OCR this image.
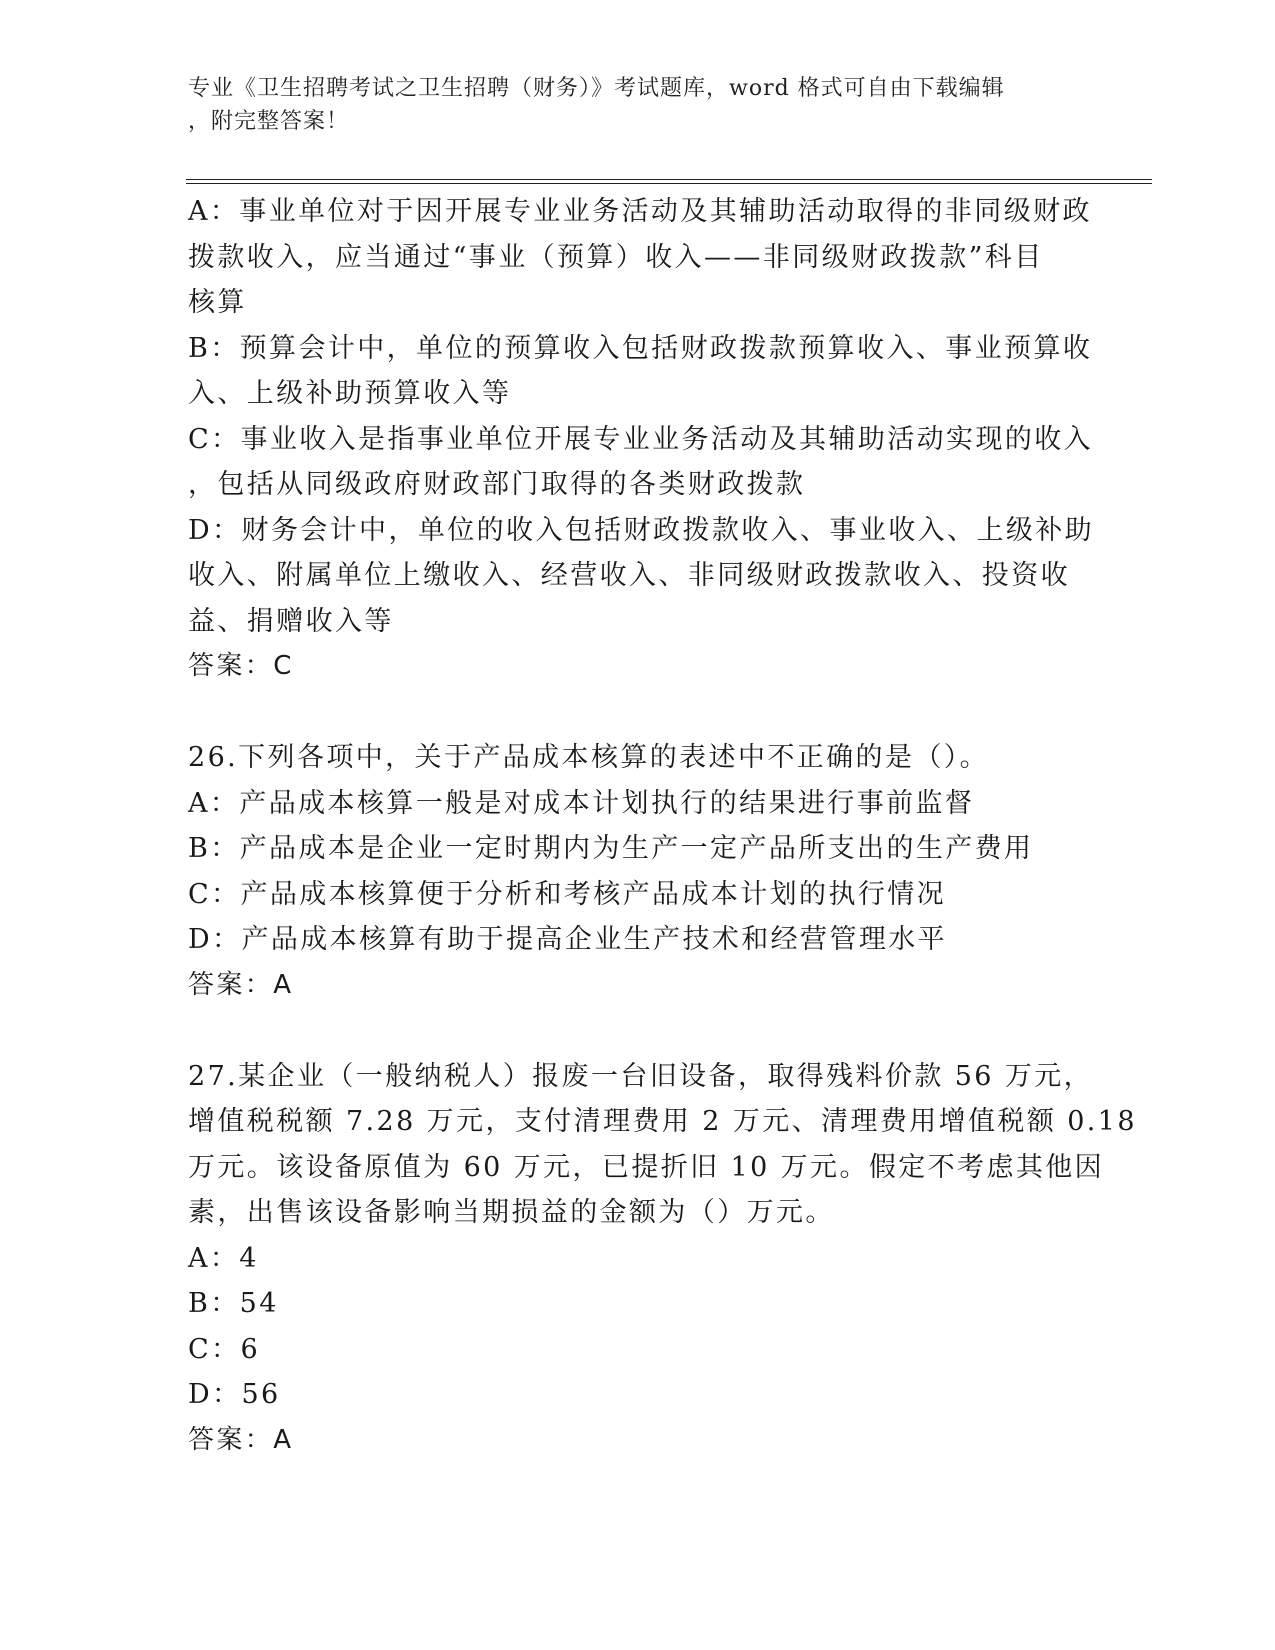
专业《卫生招聘考试之卫生招聘（财务）》考试题库，word 格式可自由下载编辑
，附完整答案！
A：事业单位对于因开展专业业务活动及其辅助活动取得的非同级财政
拨款收入，应当通过“事业（预算）收入——非同级财政拨款”科目
核算
B：预算会计中，单位的预算收入包括财政拨款预算收入、事业预算收
入、上级补助预算收入等
C：事业收入是指事业单位开展专业业务活动及其辅助活动实现的收入
，包括从同级政府财政部门取得的各类财政拨款
D：财务会计中，单位的收入包括财政拨款收入、事业收入、上级补助
收入、附属单位上缴收入、经营收入、非同级财政拨款收入、投资收
益、捐赠收入等
答案：C
26.下列各项中，关于产品成本核算的表述中不正确的是（）。
A：产品成本核算一般是对成本计划执行的结果进行事前监督
B：产品成本是企业一定时期内为生产一定产品所支出的生产费用
C：产品成本核算便于分析和考核产品成本计划的执行情况
D：产品成本核算有助于提高企业生产技术和经营管理水平
答案：A
27.某企业（一般纳税人）报废一台旧设备，取得残料价款 56 万元，
增值税税额 7.28 万元，支付清理费用 2 万元、清理费用增值税额 0.18
万元。该设备原值为 60 万元，已提折旧 10 万元。假定不考虑其他因
素，出售该设备影响当期损益的金额为（）万元。
A：4
B：54
C：6
D：56
答案：A
